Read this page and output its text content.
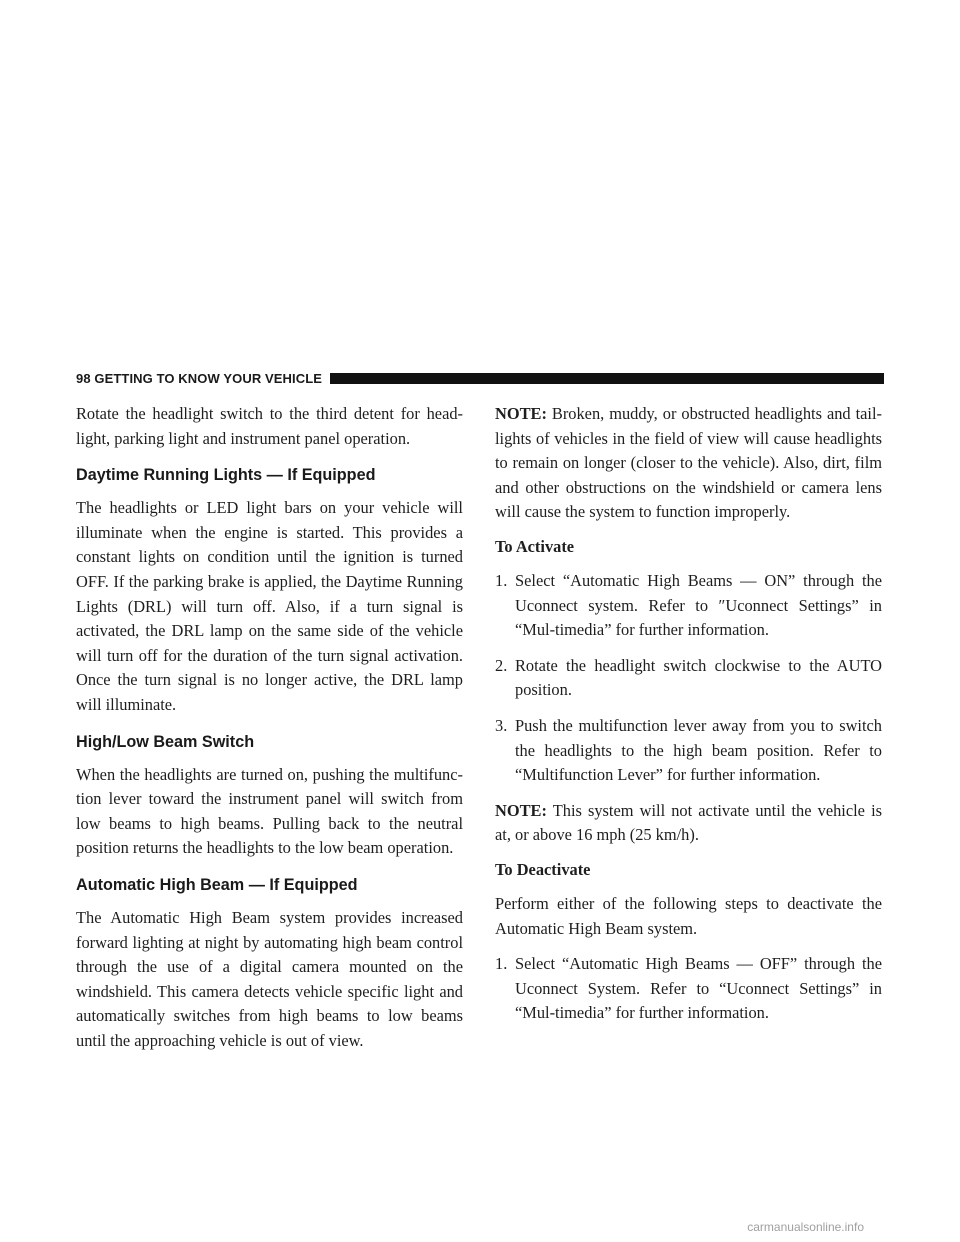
98 GETTING TO KNOW YOUR VEHICLE

Rotate the headlight switch to the third detent for head-light, parking light and instrument panel operation.

Daytime Running Lights — If Equipped

The headlights or LED light bars on your vehicle will illuminate when the engine is started. This provides a constant lights on condition until the ignition is turned OFF. If the parking brake is applied, the Daytime Running Lights (DRL) will turn off. Also, if a turn signal is activated, the DRL lamp on the same side of the vehicle will turn off for the duration of the turn signal activation. Once the turn signal is no longer active, the DRL lamp will illuminate.

High/Low Beam Switch

When the headlights are turned on, pushing the multifunc-tion lever toward the instrument panel will switch from low beams to high beams. Pulling back to the neutral position returns the headlights to the low beam operation.

Automatic High Beam — If Equipped

The Automatic High Beam system provides increased forward lighting at night by automating high beam control through the use of a digital camera mounted on the windshield. This camera detects vehicle specific light and automatically switches from high beams to low beams until the approaching vehicle is out of view.

NOTE: Broken, muddy, or obstructed headlights and tail-lights of vehicles in the field of view will cause headlights to remain on longer (closer to the vehicle). Also, dirt, film and other obstructions on the windshield or camera lens will cause the system to function improperly.

To Activate
1. Select “Automatic High Beams — ON” through the Uconnect system. Refer to ″Uconnect Settings” in “Mul-timedia” for further information.
2. Rotate the headlight switch clockwise to the AUTO position.
3. Push the multifunction lever away from you to switch the headlights to the high beam position. Refer to “Multifunction Lever” for further information.

NOTE: This system will not activate until the vehicle is at, or above 16 mph (25 km/h).

To Deactivate

Perform either of the following steps to deactivate the Automatic High Beam system.

1. Select “Automatic High Beams — OFF” through the Uconnect System. Refer to “Uconnect Settings” in “Mul-timedia” for further information.
carmanualsonline.info
